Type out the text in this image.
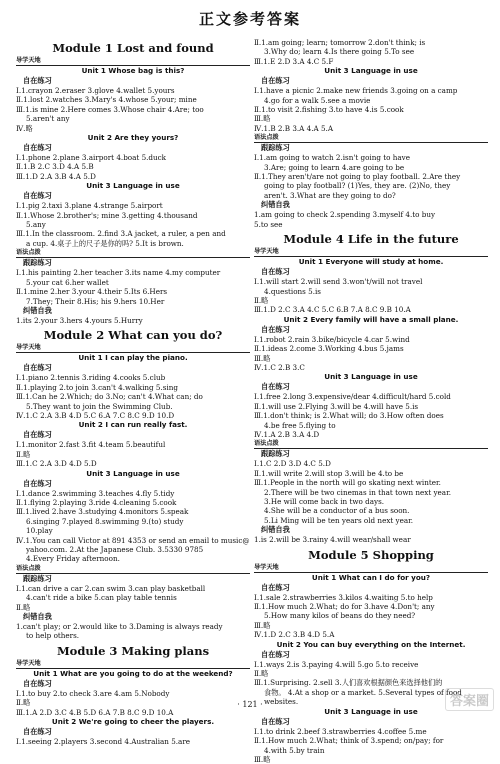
正文参考答案
Module 1 Lost and found
导学天地
Unit 1 Whose bag is this?
自在练习
Ⅰ.1.crayon 2.eraser 3.glove 4.wallet 5.yours
Ⅱ.1.lost 2.watches 3.Mary's 4.whose 5.your; mine
Ⅲ.1.is mine 2.Here comes 3.Whose chair 4.Are; too
5.aren't any
Ⅳ.略
Unit 2 Are they yours?
自在练习
Ⅰ.1.phone 2.plane 3.airport 4.boat 5.duck
Ⅱ.1.B 2.C 3.D 4.A 5.B
Ⅲ.1.D 2.A 3.B 4.A 5.D
Unit 3 Language in use
自在练习
Ⅰ.1.pig 2.taxi 3.plane 4.strange 5.airport
Ⅱ.1.Whose 2.brother's; mine 3.getting 4.thousand
5.any
Ⅲ.1.In the classroom. 2.find 3.A jacket, a ruler, a pen and
a cup. 4.桌子上的尺子是你的吗? 5.It is brown.
语法点拨
跟踪练习
Ⅰ.1.his painting 2.her teacher 3.its name 4.my computer
5.your cat 6.her wallet
Ⅱ.1.mine 2.her 3.your 4.their 5.Its 6.Hers
7.They; Their 8.His; his 9.hers 10.Her
纠错自我
1.its 2.your 3.hers 4.yours 5.Hurry
Module 2 What can you do?
导学天地
Unit 1 I can play the piano.
自在练习
Ⅰ.1.piano 2.tennis 3.riding 4.cooks 5.club
Ⅱ.1.playing 2.to join 3.can't 4.walking 5.sing
Ⅲ.1.Can he 2.Which; do 3.No; can't 4.What can; do
5.They want to join the Swimming Club.
Ⅳ.1.C 2.A 3.B 4.D 5.C 6.A 7.C 8.C 9.D 10.D
Unit 2 I can run really fast.
自在练习
Ⅰ.1.monitor 2.fast 3.fit 4.team 5.beautiful
Ⅱ.略
Ⅲ.1.C 2.A 3.D 4.D 5.D
Unit 3 Language in use
自在练习
Ⅰ.1.dance 2.swimming 3.teaches 4.fly 5.tidy
Ⅱ.1.flying 2.playing 3.ride 4.cleaning 5.cook
Ⅲ.1.lived 2.have 3.studying 4.monitors 5.speak
6.singing 7.played 8.swimming 9.(to) study
10.play
Ⅳ.1.You can call Victor at 891 4353 or send an email to music@
yahoo.com. 2.At the Japanese Club. 3.5330 9785
4.Every Friday afternoon.
语法点拨
跟踪练习
Ⅰ.1.can drive a car 2.can swim 3.can play basketball
4.can't ride a bike 5.can play table tennis
Ⅱ.略
纠错自我
1.can't play; or 2.would like to 3.Daming is always ready
to help others.
Module 3 Making plans
导学天地
Unit 1 What are you going to do at the weekend?
自在练习
Ⅰ.1.to buy 2.to check 3.are 4.am 5.Nobody
Ⅱ.略
Ⅲ.1.A 2.D 3.C 4.B 5.D 6.A 7.B 8.C 9.D 10.A
Unit 2 We're going to cheer the players.
自在练习
Ⅰ.1.seeing 2.players 3.second 4.Australian 5.are
Ⅱ.1.am going; learn; tomorrow 2.don't think; is
3.Why do; learn 4.Is there going 5.To see
Ⅲ.1.E 2.D 3.A 4.C 5.F
Unit 3 Language in use
自在练习
Ⅰ.1.have a picnic 2.make new friends 3.going on a camp
4.go for a walk 5.see a movie
Ⅱ.1.to visit 2.fishing 3.to have 4.is 5.cook
Ⅲ.略
Ⅳ.1.B 2.B 3.A 4.A 5.A
语法点拨
跟踪练习
Ⅰ.1.am going to watch 2.isn't going to have
3.Are; going to learn 4.are going to be
Ⅱ.1.They aren't/are not going to play football. 2.Are they
going to play football? (1)Yes, they are. (2)No, they
aren't. 3.What are they going to do?
纠错自我
1.am going to check 2.spending 3.myself 4.to buy
5.to see
Module 4 Life in the future
导学天地
Unit 1 Everyone will study at home.
自在练习
Ⅰ.1.will start 2.will send 3.won't/will not travel
4.questions 5.is
Ⅱ.略
Ⅲ.1.D 2.C 3.A 4.C 5.C 6.B 7.A 8.C 9.B 10.A
Unit 2 Every family will have a small plane.
自在练习
Ⅰ.1.robot 2.rain 3.bike/bicycle 4.car 5.wind
Ⅱ.1.ideas 2.come 3.Working 4.bus 5.jams
Ⅲ.略
Ⅳ.1.C 2.B 3.C
Unit 3 Language in use
自在练习
Ⅰ.1.free 2.long 3.expensive/dear 4.difficult/hard 5.cold
Ⅱ.1.will use 2.Flying 3.will be 4.will have 5.is
Ⅲ.1.don't think; is 2.What will; do 3.How often does
4.be free 5.flying to
Ⅳ.1.A 2.B 3.A 4.D
语法点拨
跟踪练习
Ⅰ.1.C 2.D 3.D 4.C 5.D
Ⅱ.1.will write 2.will stop 3.will be 4.to be
Ⅲ.1.People in the north will go skating next winter.
2.There will be two cinemas in that town next year.
3.He will come back in two days.
4.She will be a conductor of a bus soon.
5.Li Ming will be ten years old next year.
纠错自我
1.is 2.will be 3.rainy 4.will wear/shall wear
Module 5 Shopping
导学天地
Unit 1 What can I do for you?
自在练习
Ⅰ.1.sale 2.strawberries 3.kilos 4.waiting 5.to help
Ⅱ.1.How much 2.What; do for 3.have 4.Don't; any
5.How many kilos of beans do they need?
Ⅲ.略
Ⅳ.1.D 2.C 3.B 4.D 5.A
Unit 2 You can buy everything on the Internet.
自在练习
Ⅰ.1.ways 2.is 3.paying 4.will 5.go 5.to receive
Ⅱ.略
Ⅲ.1.Surprising. 2.sell 3.人们喜欢根据颜色来选择他们的
食物。 4.At a shop or a market. 5.Several types of food
websites.
Unit 3 Language in use
自在练习
Ⅰ.1.to drink 2.beef 3.strawberries 4.coffee 5.me
Ⅱ.1.How much 2.What; think of 3.spend; on/pay; for
4.with 5.by train
Ⅲ.略
· 121 ·	答案圈
